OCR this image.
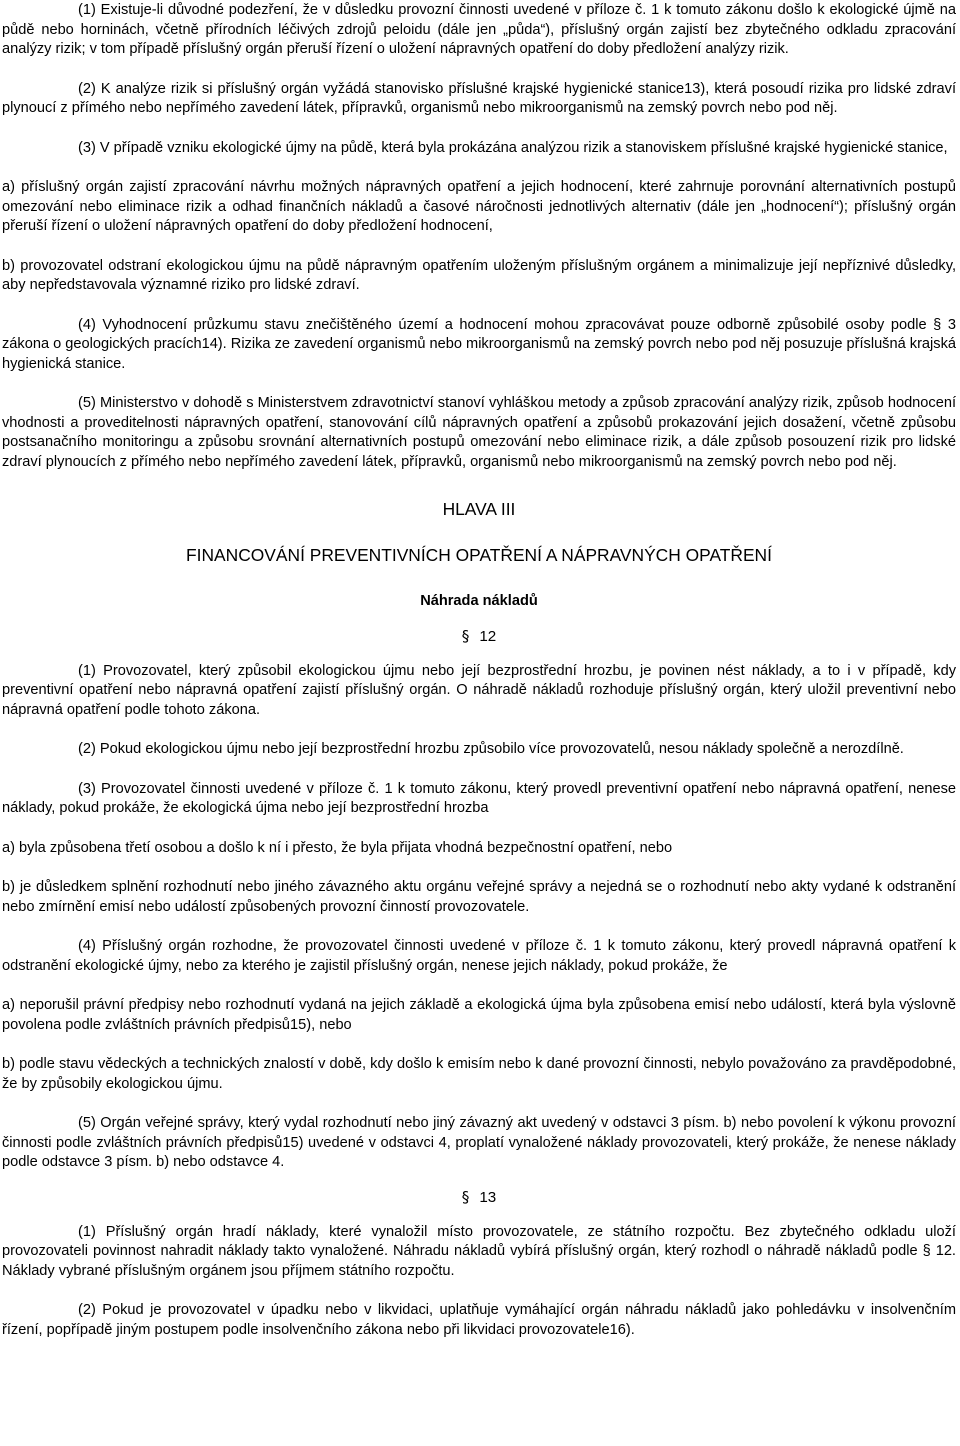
(1) Existuje-li důvodné podezření, že v důsledku provozní činnosti uvedené v příloze č. 1 k tomuto zákonu došlo k ekologické újmě na půdě nebo horninách, včetně přírodních léčivých zdrojů peloidu (dále jen „půda“), příslušný orgán zajistí bez zbytečného odkladu zpracování analýzy rizik; v tom případě příslušný orgán přeruší řízení o uložení nápravných opatření do doby předložení analýzy rizik.

(2) K analýze rizik si příslušný orgán vyžádá stanovisko příslušné krajské hygienické stanice13), která posoudí rizika pro lidské zdraví plynoucí z přímého nebo nepřímého zavedení látek, přípravků, organismů nebo mikroorganismů na zemský povrch nebo pod něj.

(3) V případě vzniku ekologické újmy na půdě, která byla prokázána analýzou rizik a stanoviskem příslušné krajské hygienické stanice,

a) příslušný orgán zajistí zpracování návrhu možných nápravných opatření a jejich hodnocení, které zahrnuje porovnání alternativních postupů omezování nebo eliminace rizik a odhad finančních nákladů a časové náročnosti jednotlivých alternativ (dále jen „hodnocení“); příslušný orgán přeruší řízení o uložení nápravných opatření do doby předložení hodnocení,

b) provozovatel odstraní ekologickou újmu na půdě nápravným opatřením uloženým příslušným orgánem a minimalizuje její nepříznivé důsledky, aby nepředstavovala významné riziko pro lidské zdraví.

(4) Vyhodnocení průzkumu stavu znečištěného území a hodnocení mohou zpracovávat pouze odborně způsobilé osoby podle § 3 zákona o geologických pracích14). Rizika ze zavedení organismů nebo mikroorganismů na zemský povrch nebo pod něj posuzuje příslušná krajská hygienická stanice.

(5) Ministerstvo v dohodě s Ministerstvem zdravotnictví stanoví vyhláškou metody a způsob zpracování analýzy rizik, způsob hodnocení vhodnosti a proveditelnosti nápravných opatření, stanovování cílů nápravných opatření a způsobů prokazování jejich dosažení, včetně způsobu postsanačního monitoringu a způsobu srovnání alternativních postupů omezování nebo eliminace rizik, a dále způsob posouzení rizik pro lidské zdraví plynoucích z přímého nebo nepřímého zavedení látek, přípravků, organismů nebo mikroorganismů na zemský povrch nebo pod něj.

HLAVA III

FINANCOVÁNÍ PREVENTIVNÍCH OPATŘENÍ A NÁPRAVNÝCH OPATŘENÍ

Náhrada nákladů

§ 12

(1) Provozovatel, který způsobil ekologickou újmu nebo její bezprostřední hrozbu, je povinen nést náklady, a to i v případě, kdy preventivní opatření nebo nápravná opatření zajistí příslušný orgán. O náhradě nákladů rozhoduje příslušný orgán, který uložil preventivní nebo nápravná opatření podle tohoto zákona.

(2) Pokud ekologickou újmu nebo její bezprostřední hrozbu způsobilo více provozovatelů, nesou náklady společně a nerozdílně.

(3) Provozovatel činnosti uvedené v příloze č. 1 k tomuto zákonu, který provedl preventivní opatření nebo nápravná opatření, nenese náklady, pokud prokáže, že ekologická újma nebo její bezprostřední hrozba

a) byla způsobena třetí osobou a došlo k ní i přesto, že byla přijata vhodná bezpečnostní opatření, nebo

b) je důsledkem splnění rozhodnutí nebo jiného závazného aktu orgánu veřejné správy a nejedná se o rozhodnutí nebo akty vydané k odstranění nebo zmírnění emisí nebo událostí způsobených provozní činností provozovatele.

(4) Příslušný orgán rozhodne, že provozovatel činnosti uvedené v příloze č. 1 k tomuto zákonu, který provedl nápravná opatření k odstranění ekologické újmy, nebo za kterého je zajistil příslušný orgán, nenese jejich náklady, pokud prokáže, že

a) neporušil právní předpisy nebo rozhodnutí vydaná na jejich základě a ekologická újma byla způsobena emisí nebo událostí, která byla výslovně povolena podle zvláštních právních předpisů15), nebo

b) podle stavu vědeckých a technických znalostí v době, kdy došlo k emisím nebo k dané provozní činnosti, nebylo považováno za pravděpodobné, že by způsobily ekologickou újmu.

(5) Orgán veřejné správy, který vydal rozhodnutí nebo jiný závazný akt uvedený v odstavci 3 písm. b) nebo povolení k výkonu provozní činnosti podle zvláštních právních předpisů15) uvedené v odstavci 4, proplatí vynaložené náklady provozovateli, který prokáže, že nenese náklady podle odstavce 3 písm. b) nebo odstavce 4.

§ 13

(1) Příslušný orgán hradí náklady, které vynaložil místo provozovatele, ze státního rozpočtu. Bez zbytečného odkladu uloží provozovateli povinnost nahradit náklady takto vynaložené. Náhradu nákladů vybírá příslušný orgán, který rozhodl o náhradě nákladů podle § 12. Náklady vybrané příslušným orgánem jsou příjmem státního rozpočtu.

(2) Pokud je provozovatel v úpadku nebo v likvidaci, uplatňuje vymáhající orgán náhradu nákladů jako pohledávku v insolvenčním řízení, popřípadě jiným postupem podle insolvenčního zákona nebo při likvidaci provozovatele16).
